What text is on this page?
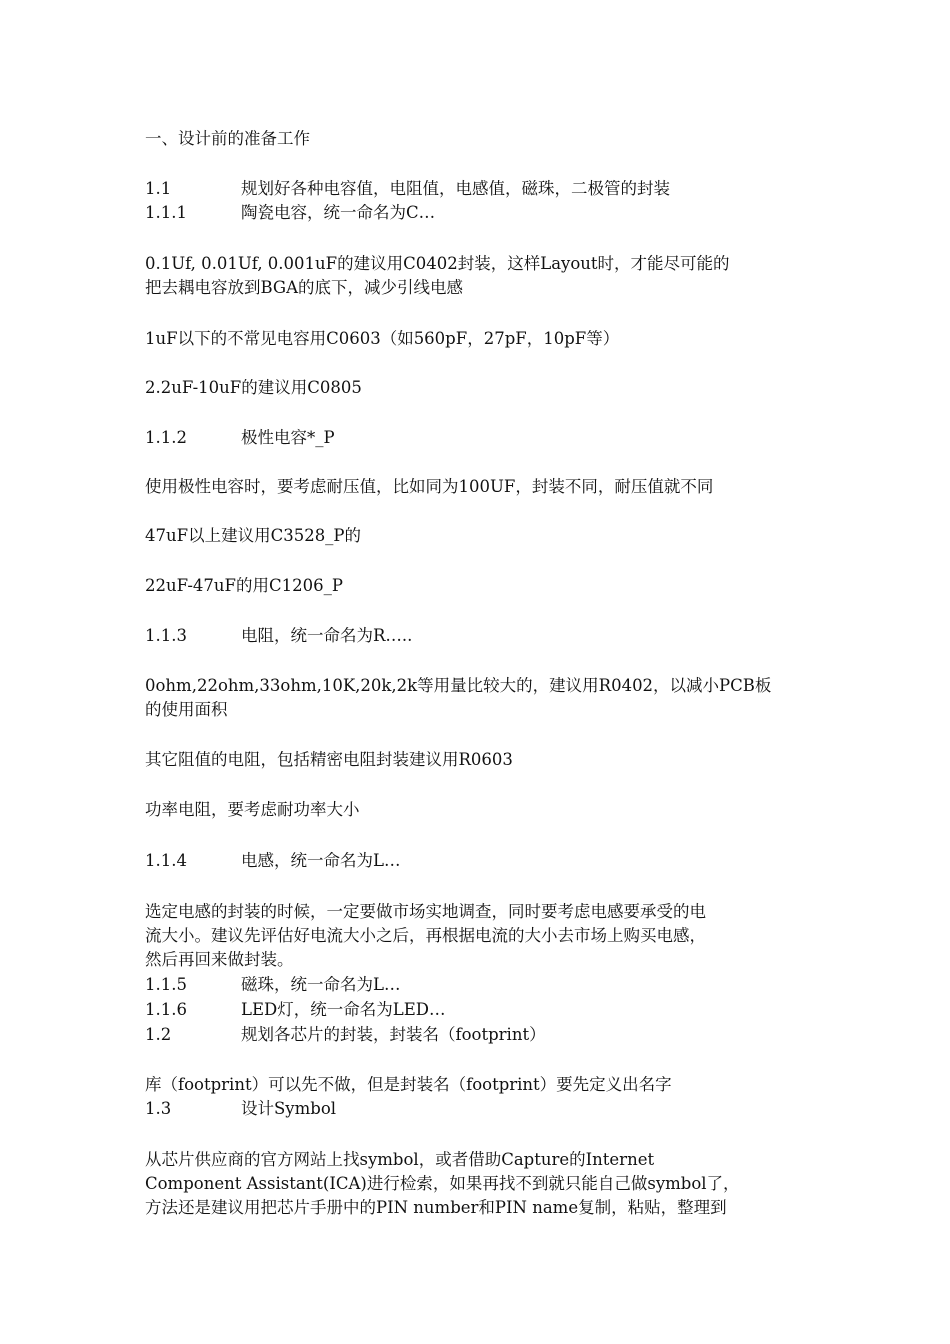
一、设计前的准备工作
1.1	规划好各种电容值，电阻值，电感值，磁珠，二极管的封装
1.1.1	陶瓷电容，统一命名为C…
0.1Uf, 0.01Uf, 0.001uF的建议用C0402封装，这样Layout时，才能尽可能的
把去耦电容放到BGA的底下，减少引线电感
1uF以下的不常见电容用C0603（如560pF，27pF，10pF等）
2.2uF-10uF的建议用C0805
1.1.2	极性电容*_P
使用极性电容时，要考虑耐压值，比如同为100UF，封装不同，耐压值就不同
47uF以上建议用C3528_P的
22uF-47uF的用C1206_P
1.1.3	电阻，统一命名为R…..
0ohm,22ohm,33ohm,10K,20k,2k等用量比较大的，建议用R0402，以减小PCB板
的使用面积
其它阻值的电阻，包括精密电阻封装建议用R0603
功率电阻，要考虑耐功率大小
1.1.4	电感，统一命名为L…
选定电感的封装的时候，一定要做市场实地调查，同时要考虑电感要承受的电
流大小。建议先评估好电流大小之后，再根据电流的大小去市场上购买电感，
然后再回来做封装。
1.1.5	磁珠，统一命名为L…
1.1.6	LED灯，统一命名为LED…
1.2	规划各芯片的封装，封装名（footprint）
库（footprint）可以先不做，但是封装名（footprint）要先定义出名字
1.3	设计Symbol
从芯片供应商的官方网站上找symbol，或者借助Capture的Internet
Component Assistant(ICA)进行检索，如果再找不到就只能自己做symbol了，
方法还是建议用把芯片手册中的PIN number和PIN name复制，粘贴，整理到
